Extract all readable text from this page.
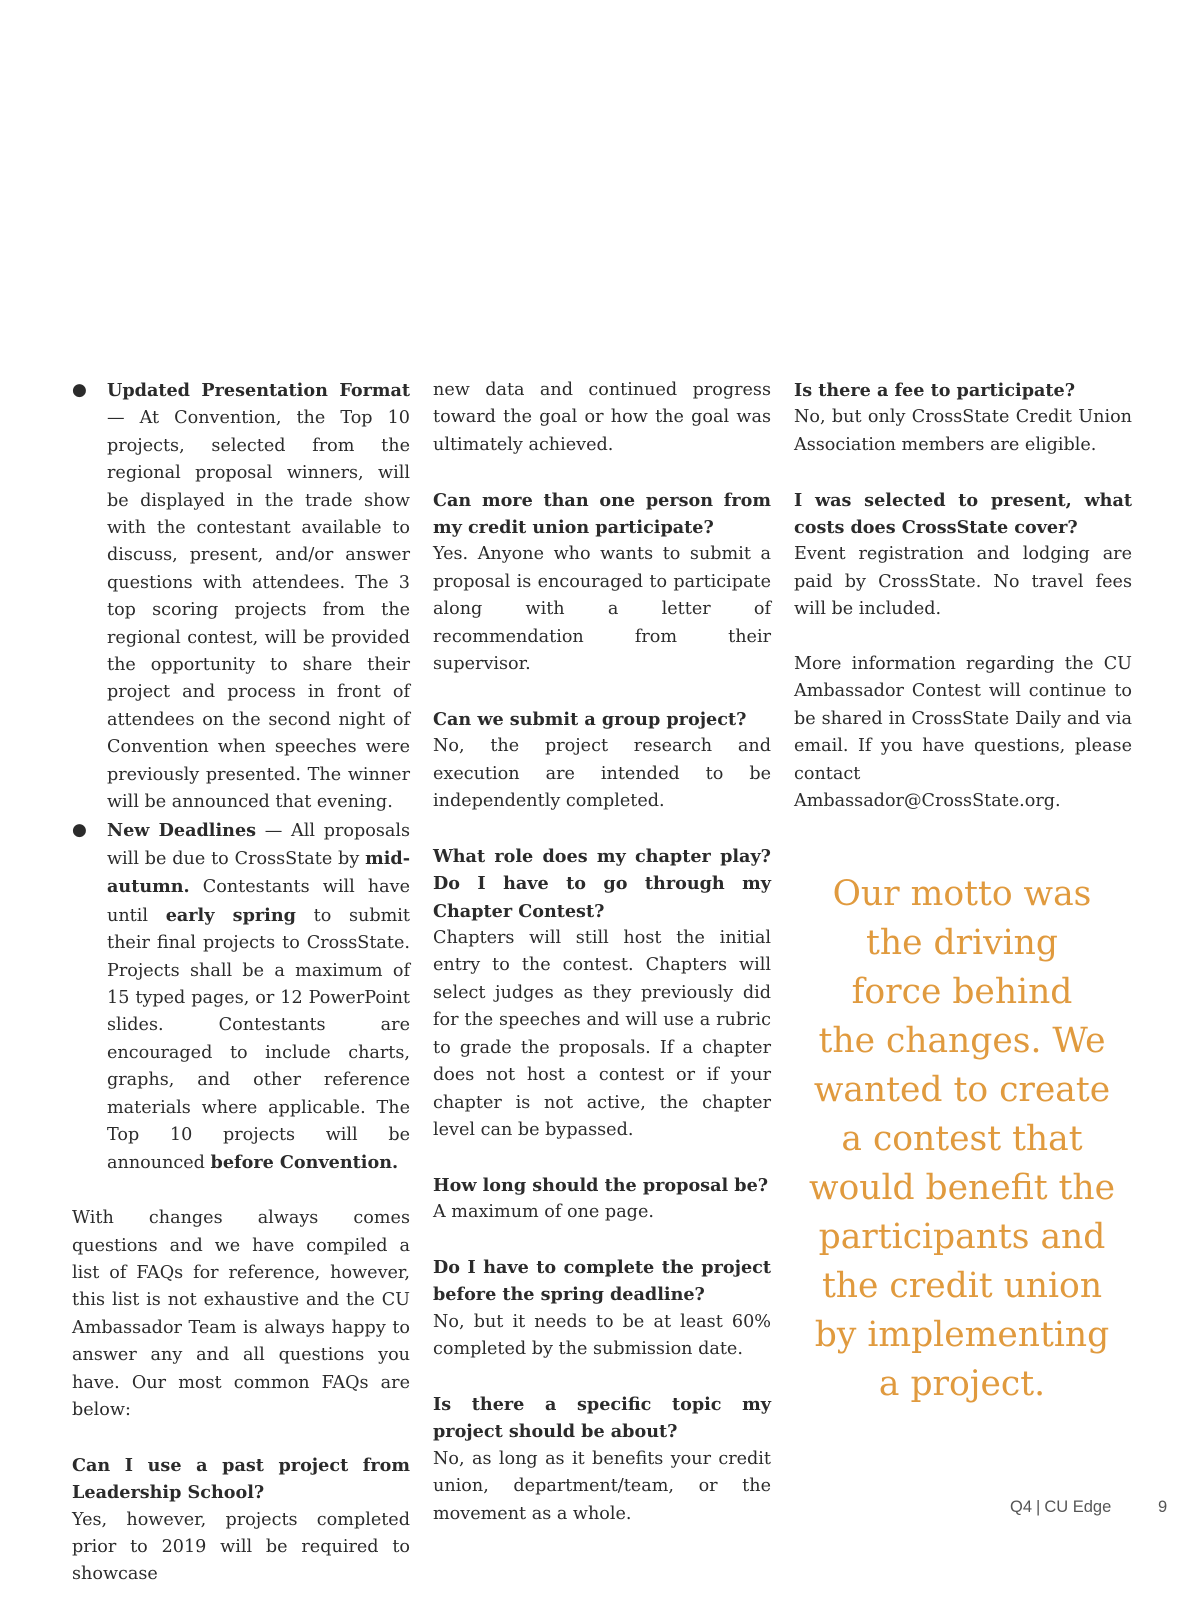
● Updated Presentation Format — At Convention, the Top 10 projects, selected from the regional proposal winners, will be displayed in the trade show with the contestant available to discuss, present, and/or answer questions with attendees. The 3 top scoring projects from the regional contest, will be provided the opportunity to share their project and process in front of attendees on the second night of Convention when speeches were previously presented. The winner will be announced that evening.
● New Deadlines — All proposals will be due to CrossState by mid-autumn. Contestants will have until early spring to submit their final projects to CrossState. Projects shall be a maximum of 15 typed pages, or 12 PowerPoint slides. Contestants are encouraged to include charts, graphs, and other reference materials where applicable. The Top 10 projects will be announced before Convention.

With changes always comes questions and we have compiled a list of FAQs for reference, however, this list is not exhaustive and the CU Ambassador Team is always happy to answer any and all questions you have. Our most common FAQs are below:

Can I use a past project from Leadership School?
Yes, however, projects completed prior to 2019 will be required to showcase

new data and continued progress toward the goal or how the goal was ultimately achieved.

Can more than one person from my credit union participate?
Yes. Anyone who wants to submit a proposal is encouraged to participate along with a letter of recommendation from their supervisor.
Can we submit a group project?
No, the project research and execution are intended to be independently completed.
What role does my chapter play? Do I have to go through my Chapter Contest?
Chapters will still host the initial entry to the contest. Chapters will select judges as they previously did for the speeches and will use a rubric to grade the proposals. If a chapter does not host a contest or if your chapter is not active, the chapter level can be bypassed.
How long should the proposal be?
A maximum of one page.
Do I have to complete the project before the spring deadline?
No, but it needs to be at least 60% completed by the submission date.
Is there a specific topic my project should be about?
No, as long as it benefits your credit union, department/team, or the movement as a whole.
Is there a fee to participate?
No, but only CrossState Credit Union Association members are eligible.
I was selected to present, what costs does CrossState cover?
Event registration and lodging are paid by CrossState. No travel fees will be included.

More information regarding the CU Ambassador Contest will continue to be shared in CrossState Daily and via email. If you have questions, please contact Ambassador@CrossState.org.

Our motto was
the driving
force behind
the changes. We
wanted to create
a contest that
would benefit the
participants and
the credit union
by implementing
a project.
Q4 | CU Edge	9
